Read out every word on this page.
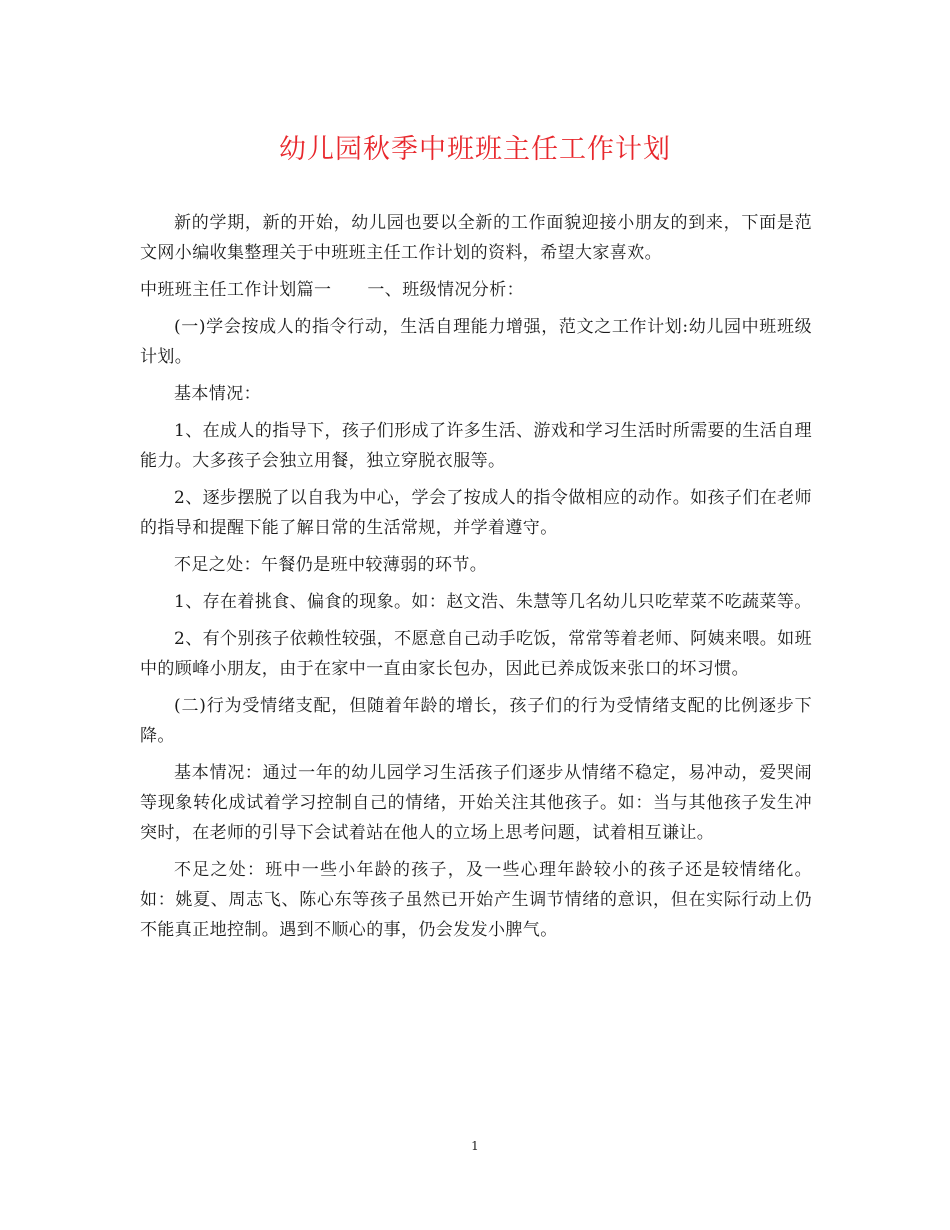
幼儿园秋季中班班主任工作计划

新的学期，新的开始，幼儿园也要以全新的工作面貌迎接小朋友的到来，下面是范文网小编收集整理关于中班班主任工作计划的资料，希望大家喜欢。

中班班主任工作计划篇一 一、班级情况分析：

(一)学会按成人的指令行动，生活自理能力增强，范文之工作计划:幼儿园中班班级计划。

基本情况：

1、在成人的指导下，孩子们形成了许多生活、游戏和学习生活时所需要的生活自理能力。大多孩子会独立用餐，独立穿脱衣服等。

2、逐步摆脱了以自我为中心，学会了按成人的指令做相应的动作。如孩子们在老师的指导和提醒下能了解日常的生活常规，并学着遵守。

不足之处：午餐仍是班中较薄弱的环节。

1、存在着挑食、偏食的现象。如：赵文浩、朱慧等几名幼儿只吃荤菜不吃蔬菜等。

2、有个别孩子依赖性较强，不愿意自己动手吃饭，常常等着老师、阿姨来喂。如班中的顾峰小朋友，由于在家中一直由家长包办，因此已养成饭来张口的坏习惯。

(二)行为受情绪支配，但随着年龄的增长，孩子们的行为受情绪支配的比例逐步下降。

基本情况：通过一年的幼儿园学习生活孩子们逐步从情绪不稳定，易冲动，爱哭闹等现象转化成试着学习控制自己的情绪，开始关注其他孩子。如：当与其他孩子发生冲突时，在老师的引导下会试着站在他人的立场上思考问题，试着相互谦让。

不足之处：班中一些小年龄的孩子，及一些心理年龄较小的孩子还是较情绪化。如：姚夏、周志飞、陈心东等孩子虽然已开始产生调节情绪的意识，但在实际行动上仍不能真正地控制。遇到不顺心的事，仍会发发小脾气。

1
